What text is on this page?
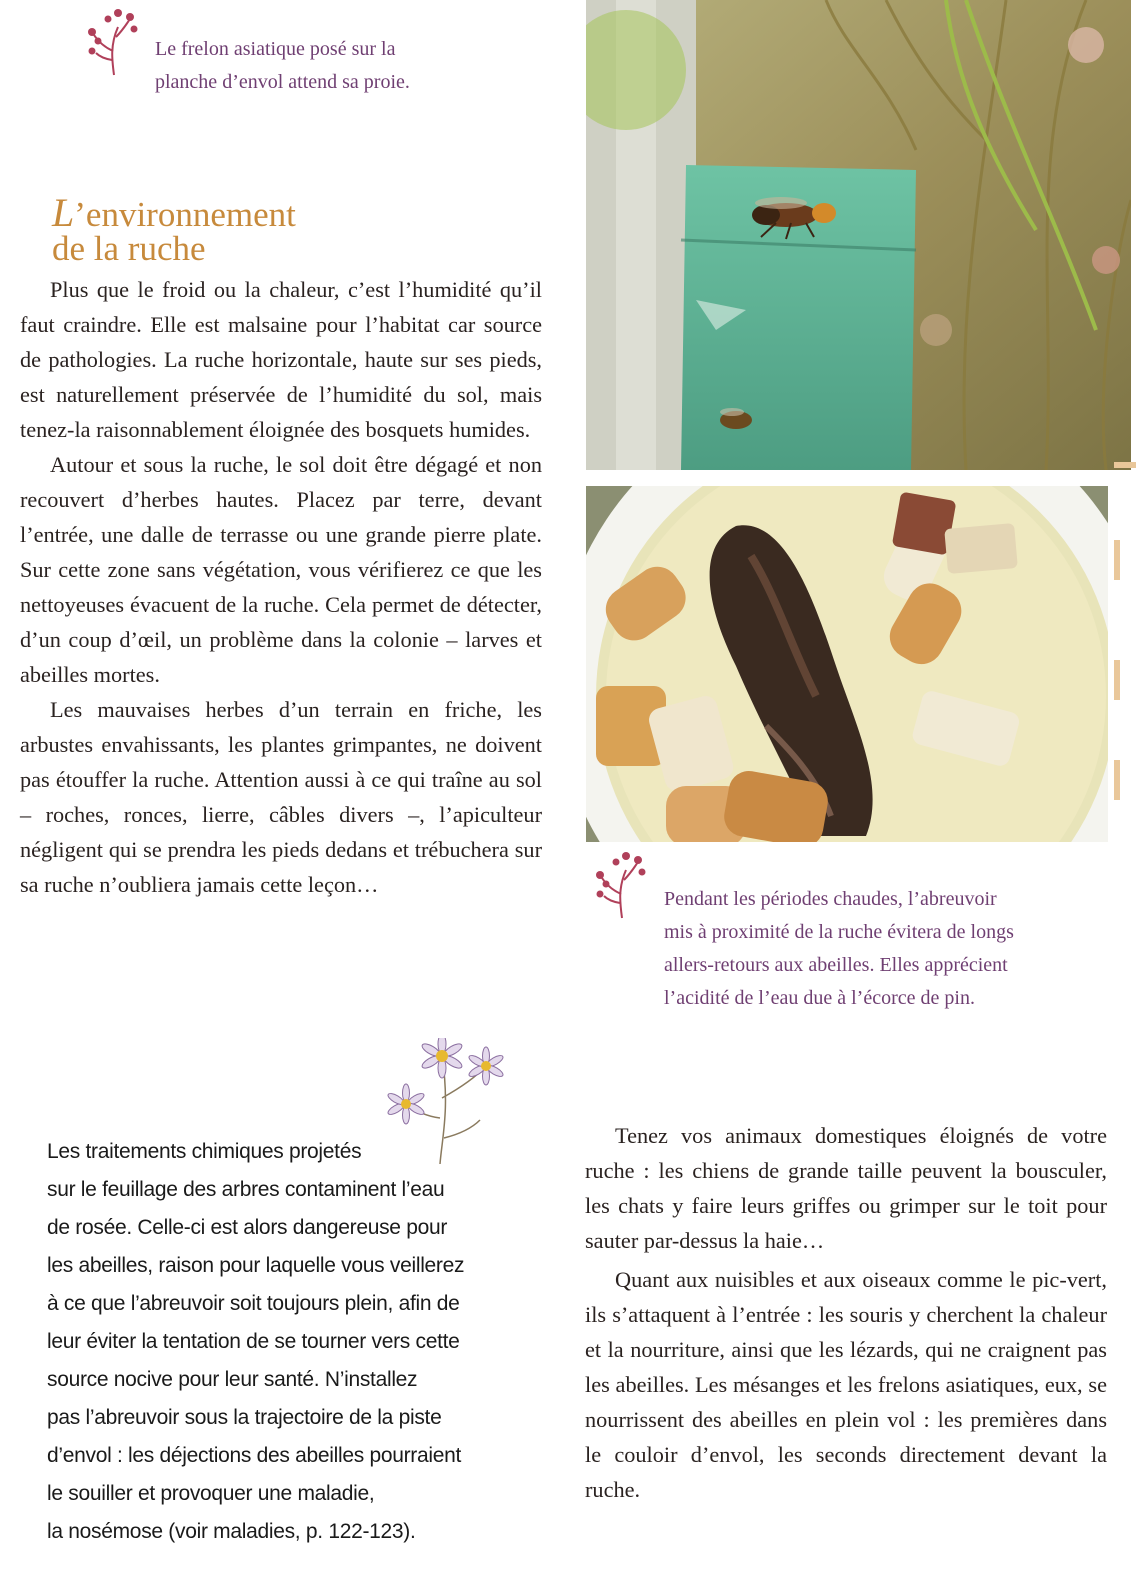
Le frelon asiatique posé sur la

planche d’envol attend sa proie.

L’environnement
de la ruche

Plus que le froid ou la chaleur, c’est l’humidité qu’il faut craindre. Elle est malsaine pour l’habitat car source de pathologies. La ruche horizontale, haute sur ses pieds, est naturellement préservée de l’humidité du sol, mais tenez-la raisonnablement éloignée des bosquets humides.

Autour et sous la ruche, le sol doit être dégagé et non recouvert d’herbes hautes. Placez par terre, devant l’entrée, une dalle de terrasse ou une grande pierre plate. Sur cette zone sans végétation, vous vérifierez ce que les nettoyeuses évacuent de la ruche. Cela permet de détecter, d’un coup d’œil, un problème dans la colonie – larves et abeilles mortes.

Les mauvaises herbes d’un terrain en friche, les arbustes envahissants, les plantes grimpantes, ne doivent pas étouffer la ruche. Attention aussi à ce qui traîne au sol – roches, ronces, lierre, câbles divers –, l’apiculteur négligent qui se prendra les pieds dedans et trébuchera sur sa ruche n’oubliera jamais cette leçon…

Pendant les périodes chaudes, l’abreuvoir

mis à proximité de la ruche évitera de longs

allers-retours aux abeilles. Elles apprécient

l’acidité de l’eau due à l’écorce de pin.

Les traitements chimiques projetés
sur le feuillage des arbres contaminent l’eau
de rosée. Celle-ci est alors dangereuse pour
les abeilles, raison pour laquelle vous veillerez
à ce que l’abreuvoir soit toujours plein, afin de
leur éviter la tentation de se tourner vers cette
source nocive pour leur santé. N’installez
pas l’abreuvoir sous la trajectoire de la piste
d’envol : les déjections des abeilles pourraient
le souiller et provoquer une maladie,
la nosémose (voir maladies, p. 122-123).

Tenez vos animaux domestiques éloignés de votre ruche : les chiens de grande taille peuvent la bousculer, les chats y faire leurs griffes ou grimper sur le toit pour sauter par-dessus la haie…

Quant aux nuisibles et aux oiseaux comme le pic-vert, ils s’attaquent à l’entrée : les souris y cherchent la chaleur et la nourriture, ainsi que les lézards, qui ne craignent pas les abeilles. Les mésanges et les frelons asiatiques, eux, se nourrissent des abeilles en plein vol : les premières dans le couloir d’envol, les seconds directement devant la ruche.
